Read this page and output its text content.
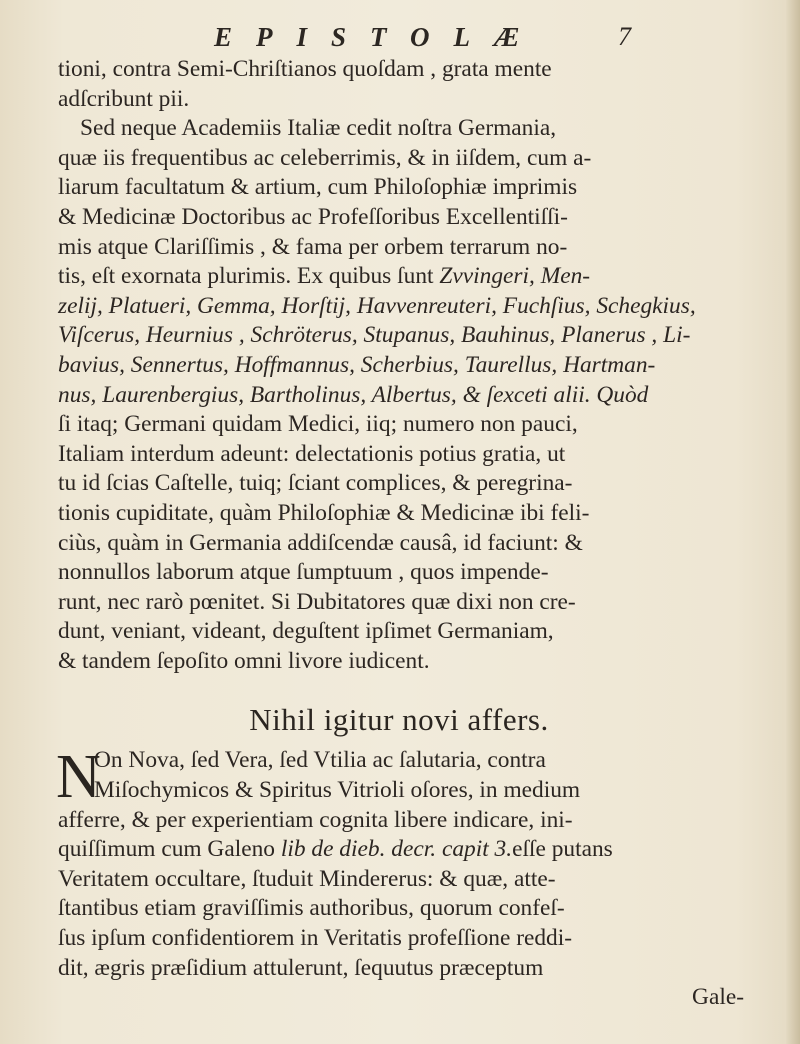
EPISTOLÆ	7
tioni, contra Semi-Chriſtianos quoſdam , grata mente
adſcribunt pii.
Sed neque Academiis Italiæ cedit noſtra Germania,
quæ iis frequentibus ac celeberrimis, & in iiſdem, cum a-
liarum facultatum & artium, cum Philoſophiæ imprimis
& Medicinæ Doctoribus ac Profeſſoribus Excellentiſſi-
mis atque Clariſſimis , & fama per orbem terrarum no-
tis, eſt exornata plurimis. Ex quibus ſunt Zvvingeri, Men-
zelij, Platueri, Gemma, Horſtij, Havvenreuteri, Fuchſius, Schegkius,
Viſcerus, Heurnius , Schröterus, Stupanus, Bauhinus, Planerus , Li-
bavius, Sennertus, Hoffmannus, Scherbius, Taurellus, Hartman-
nus, Laurenbergius, Bartholinus, Albertus, & ſexceti alii. Quòd
ſi itaq; Germani quidam Medici, iiq; numero non pauci,
Italiam interdum adeunt: delectationis potius gratia, ut
tu id ſcias Caſtelle, tuiq; ſciant complices, & peregrina-
tionis cupiditate, quàm Philoſophiæ & Medicinæ ibi feli-
ciùs, quàm in Germania addiſcendæ causâ, id faciunt: &
nonnullos laborum atque ſumptuum , quos impende-
runt, nec rarò pœnitet. Si Dubitatores quæ dixi non cre-
dunt, veniant, videant, deguſtent ipſimet Germaniam,
& tandem ſepoſito omni livore iudicent.
Nihil igitur novi affers.
N
On Nova, ſed Vera, ſed Vtilia ac ſalutaria, contra
Miſochymicos & Spiritus Vitrioli oſores, in medium
afferre, & per experientiam cognita libere indicare, ini-
quiſſimum cum Galeno lib de dieb. decr. capit 3.eſſe putans
Veritatem occultare, ſtuduit Mindererus: & quæ, atte-
ſtantibus etiam graviſſimis authoribus, quorum confeſ-
ſus ipſum confidentiorem in Veritatis profeſſione reddi-
dit, ægris præſidium attulerunt, ſequutus præceptum
Gale-
